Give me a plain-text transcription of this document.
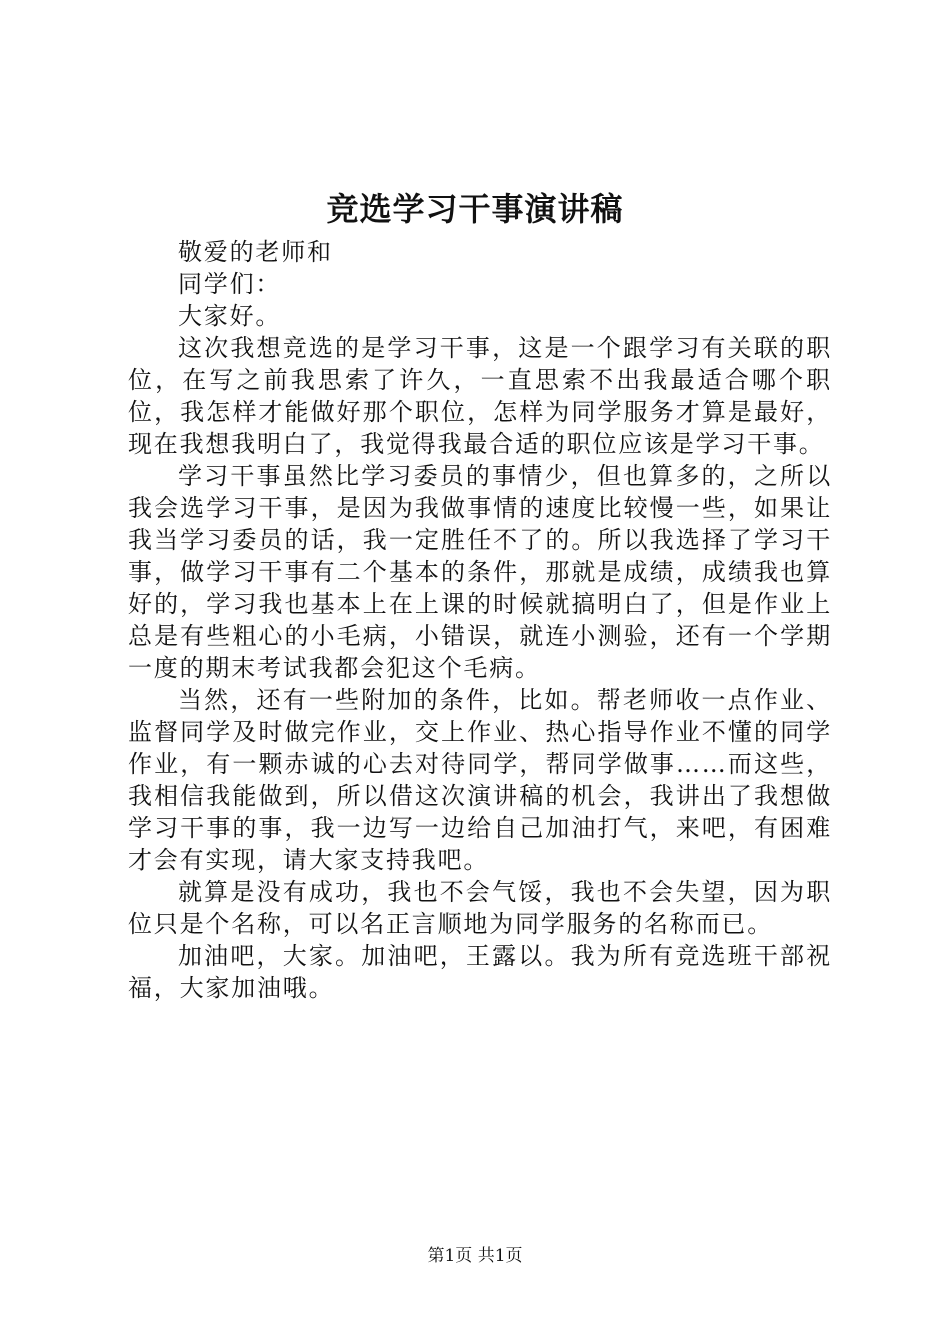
竞选学习干事演讲稿

敬爱的老师和

同学们：

大家好。

这次我想竞选的是学习干事，这是一个跟学习有关联的职位，在写之前我思索了许久，一直思索不出我最适合哪个职位，我怎样才能做好那个职位，怎样为同学服务才算是最好，现在我想我明白了，我觉得我最合适的职位应该是学习干事。

学习干事虽然比学习委员的事情少，但也算多的，之所以我会选学习干事，是因为我做事情的速度比较慢一些，如果让我当学习委员的话，我一定胜任不了的。所以我选择了学习干事，做学习干事有二个基本的条件，那就是成绩，成绩我也算好的，学习我也基本上在上课的时候就搞明白了，但是作业上总是有些粗心的小毛病，小错误，就连小测验，还有一个学期一度的期末考试我都会犯这个毛病。

当然，还有一些附加的条件，比如。帮老师收一点作业、监督同学及时做完作业，交上作业、热心指导作业不懂的同学作业，有一颗赤诚的心去对待同学，帮同学做事……而这些，我相信我能做到，所以借这次演讲稿的机会，我讲出了我想做学习干事的事，我一边写一边给自己加油打气，来吧，有困难才会有实现，请大家支持我吧。

就算是没有成功，我也不会气馁，我也不会失望，因为职位只是个名称，可以名正言顺地为同学服务的名称而已。

加油吧，大家。加油吧，王露以。我为所有竞选班干部祝福，大家加油哦。

第1页 共1页
